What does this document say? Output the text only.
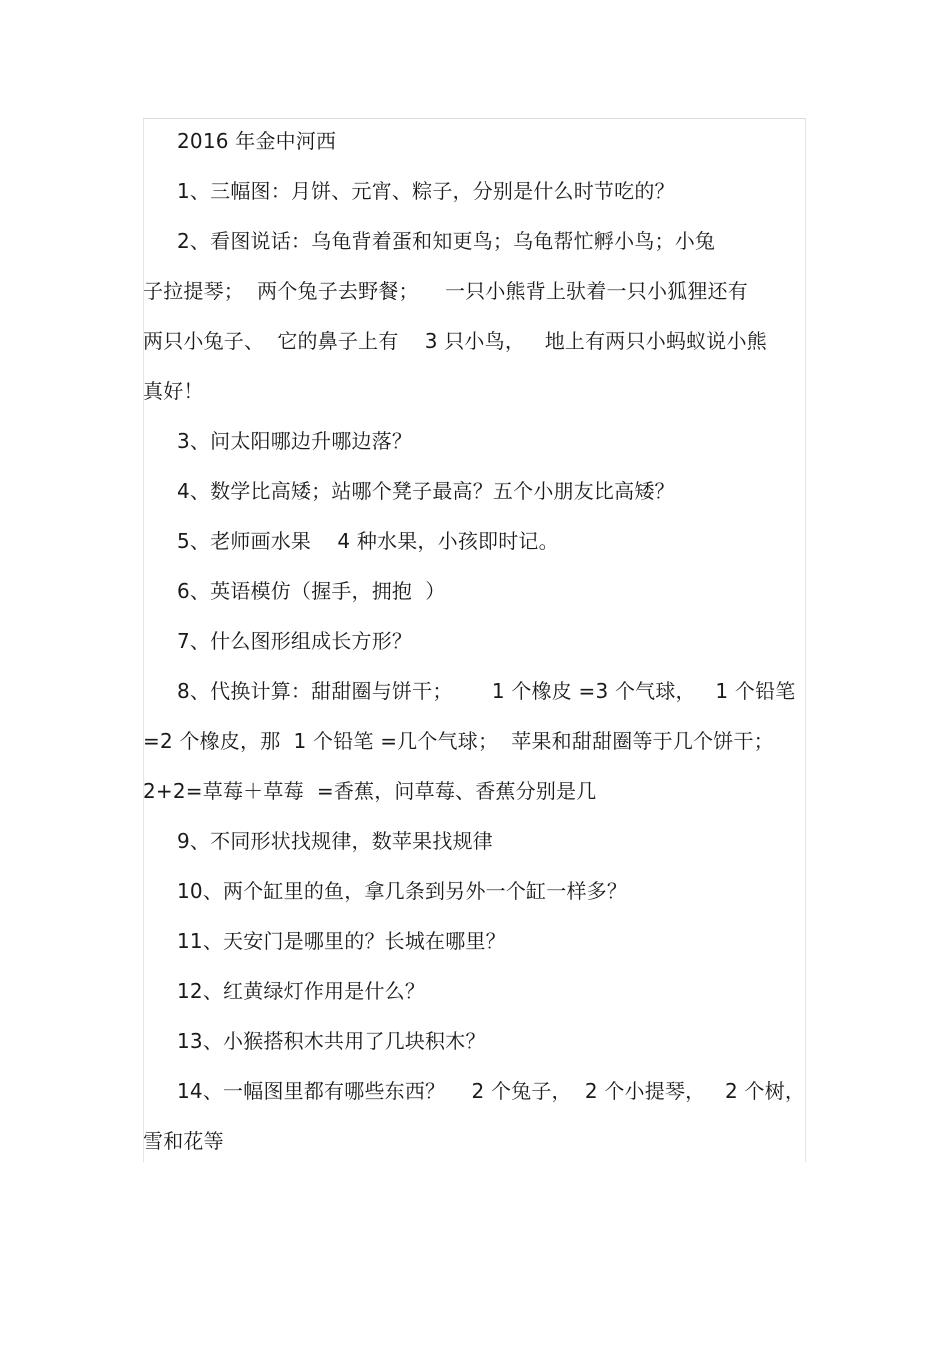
2016 年金中河西
1、三幅图：月饼、元宵、粽子，分别是什么时节吃的？
2、看图说话：乌龟背着蛋和知更鸟；乌龟帮忙孵小鸟；小兔
子拉提琴；  两个兔子去野餐；    一只小熊背上驮着一只小狐狸还有
两只小兔子、  它的鼻子上有    3 只小鸟，   地上有两只小蚂蚁说小熊
真好！
3、问太阳哪边升哪边落？
4、数学比高矮；站哪个凳子最高？五个小朋友比高矮？
5、老师画水果    4 种水果，小孩即时记。
6、英语模仿（握手，拥抱  ）
7、什么图形组成长方形？
8、代换计算：甜甜圈与饼干；      1 个橡皮 =3 个气球，   1 个铅笔
=2 个橡皮，那  1 个铅笔 =几个气球；  苹果和甜甜圈等于几个饼干；
2+2=草莓＋草莓  =香蕉，问草莓、香蕉分别是几
9、不同形状找规律，数苹果找规律
10、两个缸里的鱼，拿几条到另外一个缸一样多？
11、天安门是哪里的？长城在哪里？
12、红黄绿灯作用是什么？
13、小猴搭积木共用了几块积木？
14、一幅图里都有哪些东西？    2 个兔子，  2 个小提琴，   2 个树，
雪和花等
